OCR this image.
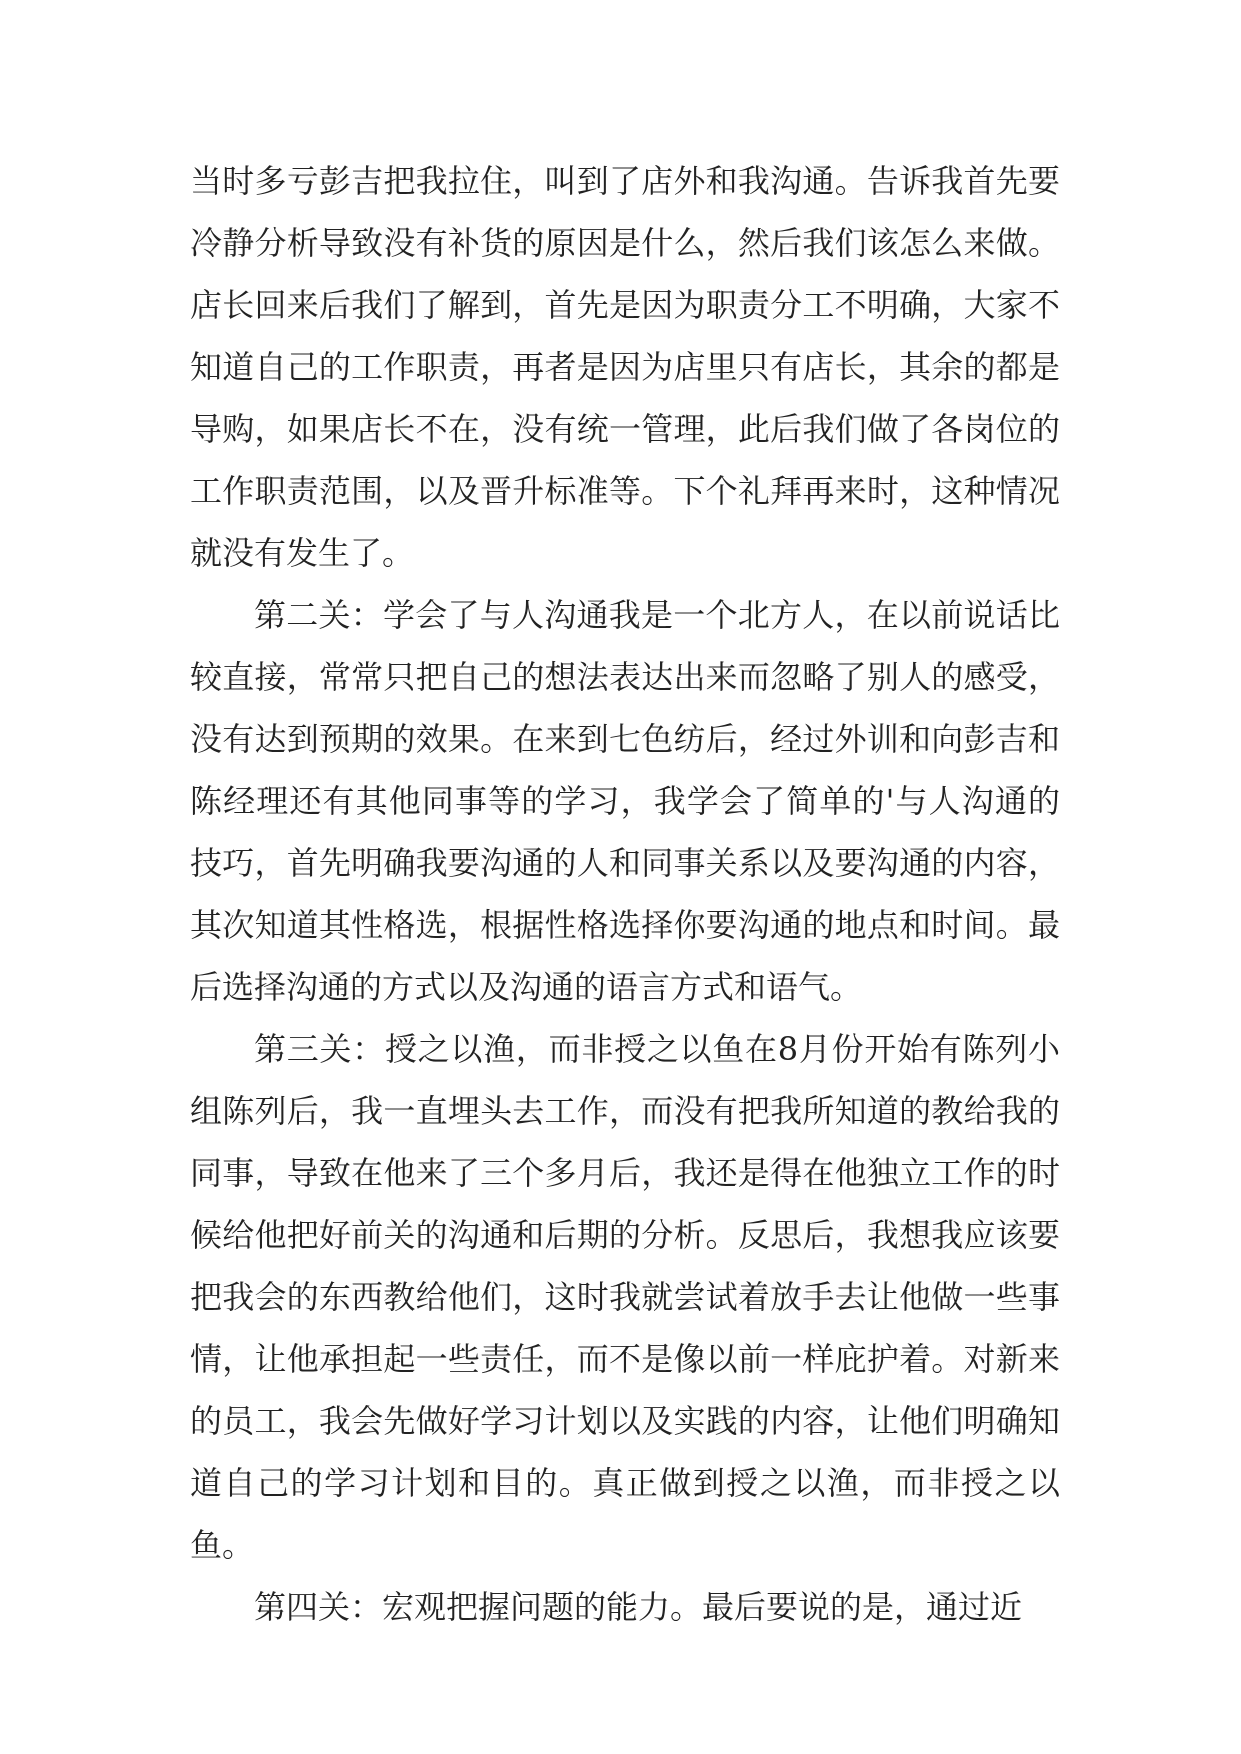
当时多亏彭吉把我拉住，叫到了店外和我沟通。告诉我首先要冷静分析导致没有补货的原因是什么，然后我们该怎么来做。店长回来后我们了解到，首先是因为职责分工不明确，大家不知道自己的工作职责，再者是因为店里只有店长，其余的都是导购，如果店长不在，没有统一管理，此后我们做了各岗位的工作职责范围，以及晋升标准等。下个礼拜再来时，这种情况就没有发生了。

第二关：学会了与人沟通我是一个北方人，在以前说话比较直接，常常只把自己的想法表达出来而忽略了别人的感受，没有达到预期的效果。在来到七色纺后，经过外训和向彭吉和陈经理还有其他同事等的学习，我学会了简单的'与人沟通的技巧，首先明确我要沟通的人和同事关系以及要沟通的内容，其次知道其性格选，根据性格选择你要沟通的地点和时间。最后选择沟通的方式以及沟通的语言方式和语气。

第三关：授之以渔，而非授之以鱼在8月份开始有陈列小组陈列后，我一直埋头去工作，而没有把我所知道的教给我的同事，导致在他来了三个多月后，我还是得在他独立工作的时候给他把好前关的沟通和后期的分析。反思后，我想我应该要把我会的东西教给他们，这时我就尝试着放手去让他做一些事情，让他承担起一些责任，而不是像以前一样庇护着。对新来的员工，我会先做好学习计划以及实践的内容，让他们明确知道自己的学习计划和目的。真正做到授之以渔，而非授之以鱼。

第四关：宏观把握问题的能力。最后要说的是，通过近
